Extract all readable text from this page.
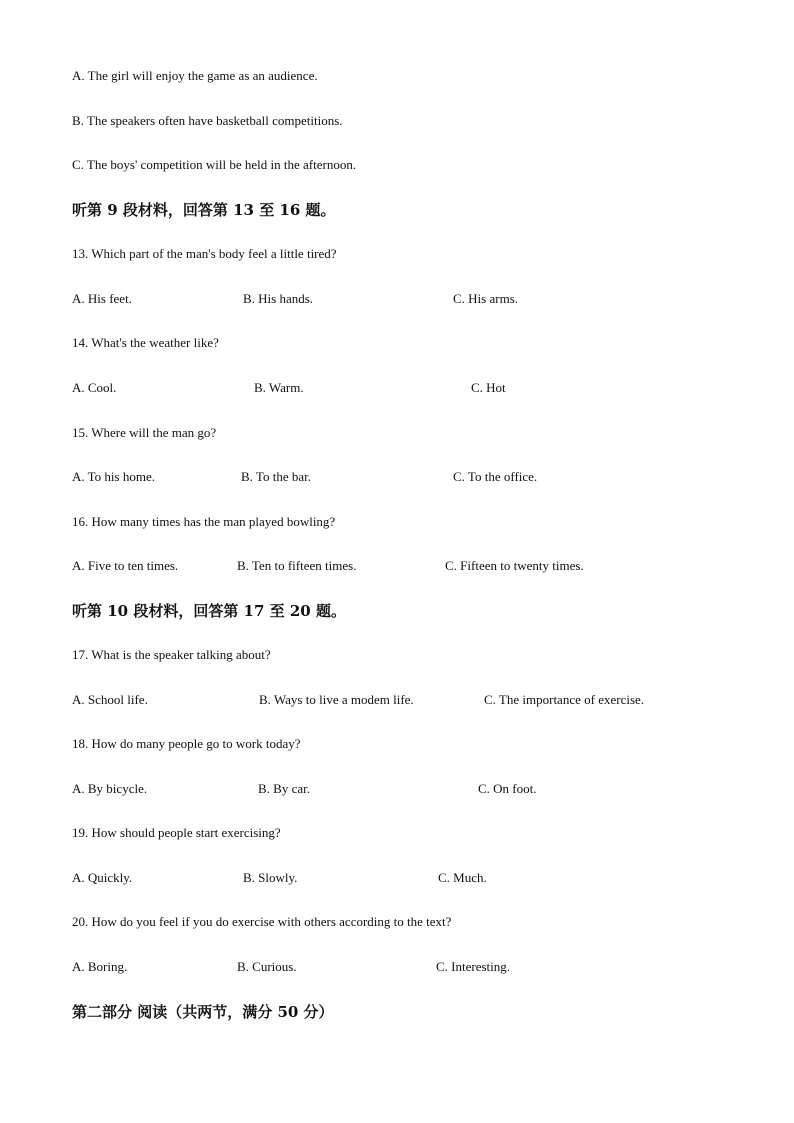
A. The girl will enjoy the game as an audience.
B. The speakers often have basketball competitions.
C. The boys' competition will be held in the afternoon.
听第 9 段材料，回答第 13 至 16 题。
13. Which part of the man's body feel a little tired?
A. His feet.	B. His hands.	C. His arms.
14. What's the weather like?
A. Cool.	B. Warm.	C. Hot
15. Where will the man go?
A. To his home.	B. To the bar.	C. To the office.
16. How many times has the man played bowling?
A. Five to ten times.	B. Ten to fifteen times.	C. Fifteen to twenty times.
听第 10 段材料，回答第 17 至 20 题。
17. What is the speaker talking about?
A. School life.	B. Ways to live a modem life.	C. The importance of exercise.
18. How do many people go to work today?
A. By bicycle.	B. By car.	C. On foot.
19. How should people start exercising?
A. Quickly.	B. Slowly.	C. Much.
20. How do you feel if you do exercise with others according to the text?
A. Boring.	B. Curious.	C. Interesting.
第二部分 阅读（共两节，满分 50 分）
